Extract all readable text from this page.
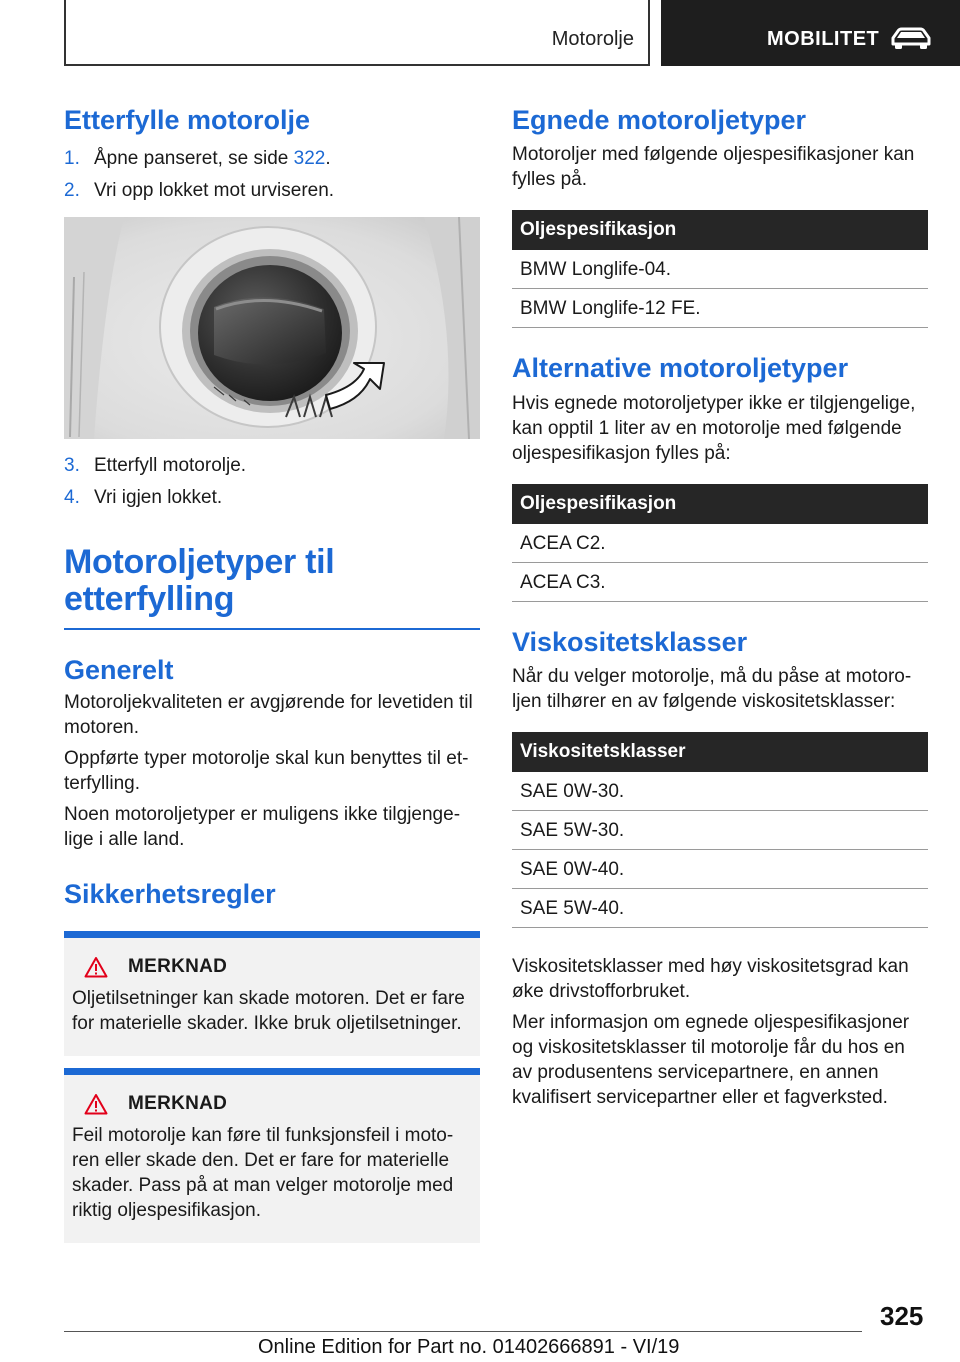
Motorolje	MOBILITET
Etterfylle motorolje
1. Åpne panseret, se side 322.
2. Vri opp lokket mot urviseren.
3. Etterfyll motorolje.
4. Vri igjen lokket.
Motoroljetyper til
etterfylling
Generelt

Motoroljekvaliteten er avgjørende for levetiden til motoren.

Oppførte typer motorolje skal kun benyttes til etterfylling.

Noen motoroljetyper er muligens ikke tilgjengelige i alle land.

Sikkerhetsregler
MERKNAD

Oljetilsetninger kan skade motoren. Det er fare for materielle skader. Ikke bruk oljetilsetninger.

MERKNAD

Feil motorolje kan føre til funksjonsfeil i motoren eller skade den. Det er fare for materielle skader. Pass på at man velger motorolje med riktig oljespesifikasjon.

Egnede motoroljetyper

Motoroljer med følgende oljespesifikasjoner kan fylles på.

Oljespesifikasjon
BMW Longlife-04.
BMW Longlife-12 FE.
Alternative motoroljetyper

Hvis egnede motoroljetyper ikke er tilgjengelige, kan opptil 1 liter av en motorolje med følgende oljespesifikasjon fylles på:

Oljespesifikasjon
ACEA C2.
ACEA C3.
Viskositetsklasser

Når du velger motorolje, må du påse at motoroljen tilhører en av følgende viskositetsklasser:

Viskositetsklasser
SAE 0W-30.
SAE 5W-30.
SAE 0W-40.
SAE 5W-40.

Viskositetsklasser med høy viskositetsgrad kan øke drivstofforbruket.

Mer informasjon om egnede oljespesifikasjoner og viskositetsklasser til motorolje får du hos en av produsentens servicepartnere, en annen kvalifisert servicepartner eller et fagverksted.

325
Online Edition for Part no. 01402666891 - VI/19
